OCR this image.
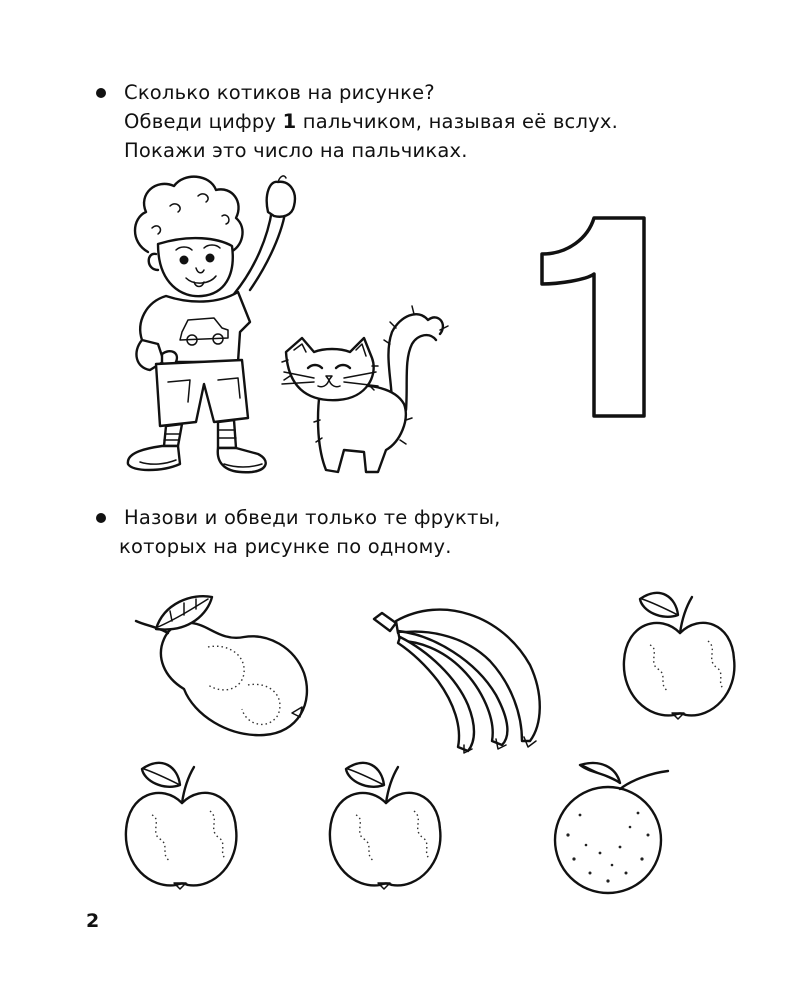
Сколько котиков на рисунке?

Обведи цифру 1 пальчиком, называя её вслух.

Покажи это число на пальчиках.

1

Назови и обведи только те фрукты,

которых на рисунке по одному.

2
